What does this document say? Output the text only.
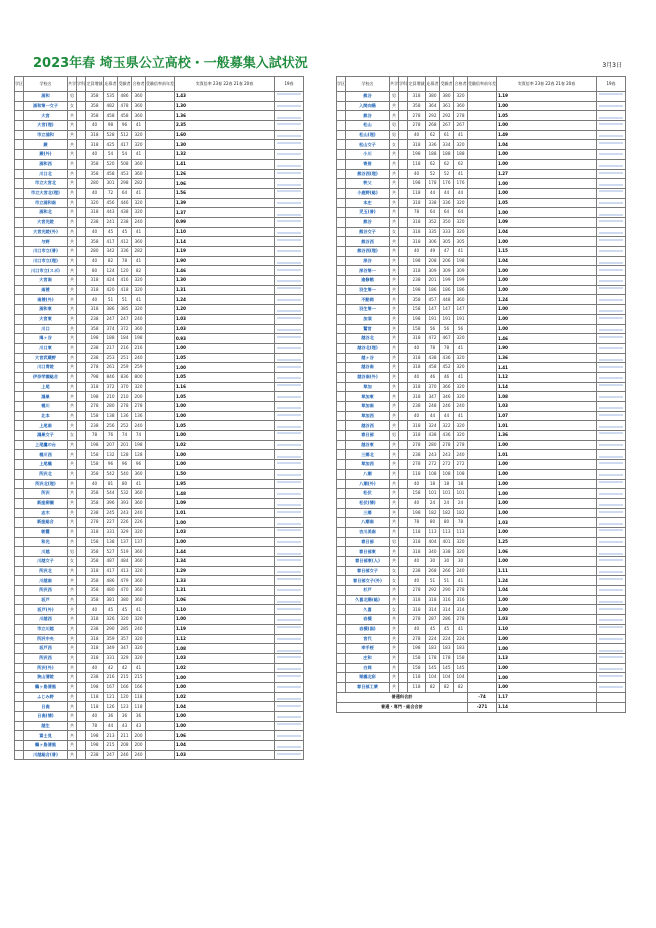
2023年春 埼玉県公立高校・一般募集入試状況	3月3日
学区	学校名	共学	学科	定員増減	応募者	受験者	合格者	受験倍率前年差	実質倍率 23春 22春 21春 20春	19春
	浦和	男		358	535	486	360		1.43	

	浦和第一女子	女		358	482	478	360		1.30	

	大宮	共		358	458	458	360		1.36	

	大宮(理)	共		40	98	96	41		2.35	

	市立浦和	共		318	528	512	320		1.60	

	蕨	共		318	425	417	320		1.30	

	蕨(外)	共		40	54	54	41		1.32	

	浦和西	共		358	520	508	360		1.41	

	川口北	共		358	458	453	360		1.26	

	市立大宮北	共		280	301	298	282		1.06	

	市立大宮北(理)	共		40	72	64	41		1.56	

	市立浦和南	共		320	456	446	320		1.39	

	浦和北	共		318	443	438	320		1.37	

	大宮光陵	共		238	241	238	240		0.99	

	大宮光陵(外)	共		40	45	45	41		1.10	

	与野	共		358	417	412	360		1.14	

	川口市立(普)	共		280	342	336	282		1.19	

	川口市立(理)	共		40	82	78	41		1.90	

	川口市立(スポ)	共		80	124	120	82		1.46	

	大宮南	共		318	424	416	320		1.30	

	南稜	共		318	420	418	320		1.31	

	南稜(外)	共		40	51	51	41		1.24	

	浦和東	共		318	386	385	320		1.20	

	大宮東	共		238	247	247	240		1.03	

	川口	共		358	374	372	360		1.03	

	鳩ヶ谷	共		198	188	184	198		0.93	

	川口東	共		238	217	216	216		1.00	

	大宮武蔵野	共		238	253	251	240		1.05	

	川口青陵	共		278	261	259	259		1.00	

	伊奈学園総合	共		798	846	836	800		1.05	

	上尾	共		318	372	370	320		1.16	

	鴻巣	共		198	210	210	200		1.05	

	桶川	共		278	280	278	278		1.00	

	北本	共		158	138	136	136		1.00	

	上尾南	共		238	256	252	240		1.05	

	鴻巣女子	女		78	76	74	74		1.00	

	上尾鷹の台	共		198	207	201	198		1.02	

	桶川西	共		158	132	128	128		1.00	

	上尾橋	共		158	96	96	96		1.00	

	所沢北	共		358	542	540	360		1.50	

	所沢北(理)	共		40	81	80	41		1.95	

	所沢	共		358	544	532	360		1.48	

	新座柳瀬	共		358	396	393	360		1.09	

	志木	共		238	245	243	240		1.01	

	新座総合	共		278	227	226	226		1.00	

	朝霞	共		318	331	329	320		1.03	

	和光	共		158	138	137	137		1.00	

	川越	男		358	527	519	360		1.44	

	川越女子	女		358	487	484	360		1.34	

	所沢北	共		318	417	413	320		1.29	

	川越南	共		358	486	479	360		1.33	

	所沢西	共		358	480	470	360		1.31	

	坂戸	共		358	381	380	360		1.06	

	坂戸(外)	共		40	45	45	41		1.10	

	川越西	共		318	326	320	320		1.00	

	市立川越	共		238	290	285	240		1.19	

	所沢中央	共		318	359	357	320		1.12	

	坂戸西	共		318	349	347	320		1.08	

	所沢西	共		318	331	329	320		1.03	

	所沢(外)	共		40	42	42	41		1.02	

	狭山清陵	共		238	216	215	215		1.00	

	鶴ヶ島清風	共		198	167	166	166		1.00	

	ふじみ野	共		118	121	120	118		1.02	

	日高	共		118	126	123	118		1.04	

	日高(情)	共		40	36	36	36		1.00	

	越生	共		78	44	43	43		1.00	

	富士見	共		198	213	211	200		1.06	

	鶴ヶ島清風	共		198	215	208	200		1.04	

	川越総合(普)	共		238	247	246	240		1.03	
学区	学校名	共学	学科	定員増減	応募者	受験者	合格者	受験倍率前年差	実質倍率 23春 22春 21春 20春	19春
	熊谷	男		318	380	380	320		1.19	

	入間向陽	共		358	364	361	360		1.00	

	熊谷	共		278	292	292	278		1.05	

	松山	男		278	268	267	267		1.00	

	松山(理)	男		40	62	61	41		1.49	

	松山女子	女		318	336	334	320		1.04	

	小川	共		198	188	188	188		1.00	

	寄居	共		118	62	62	62		1.00	

	熊谷西(理)	共		40	52	52	41		1.27	

	秩父	共		198	178	176	176		1.00	

	小鹿野(総)	共		118	44	44	44		1.00	

	本庄	共		318	338	336	320		1.05	

	児玉(普)	共		78	64	64	64		1.00	

	熊谷	共		318	352	350	320		1.09	

	熊谷女子	女		318	335	333	320		1.04	

	熊谷西	共		318	306	305	305		1.00	

	熊谷西(理)	共		40	49	47	41		1.15	

	深谷	共		198	208	206	198		1.04	

	深谷第一	共		318	309	309	309		1.00	

	進修館	共		238	201	199	199		1.00	

	羽生第一	共		198	186	186	186		1.00	

	不動岡	共		358	457	448	360		1.24	

	羽生第一	共		158	147	147	147		1.00	

	加須	共		198	191	191	191		1.00	

	鷲宮	共		158	56	56	56		1.00	

	越谷北	共		318	472	467	320		1.46	

	越谷北(理)	共		40	78	78	41		1.90	

	越ヶ谷	共		318	438	436	320		1.36	

	越谷南	共		318	458	452	320		1.41	

	越谷南(外)	共		40	46	46	41		1.12	

	草加	共		318	370	366	320		1.14	

	草加東	共		318	347	346	320		1.08	

	草加南	共		238	248	246	240		1.03	

	草加西	共		40	44	44	41		1.07	

	越谷西	共		318	324	322	320		1.01	

	春日部	男		318	438	436	320		1.36	

	越谷東	共		278	280	278	278		1.00	

	三郷北	共		238	243	243	240		1.01	

	草加西	共		278	272	272	272		1.00	

	八潮	共		118	108	108	108		1.00	

	八潮(外)	共		40	18	18	18		1.00	

	松伏	共		158	101	101	101		1.00	

	松伏(情)	共		40	24	24	24		1.00	

	三郷	共		198	182	182	182		1.00	

	八潮南	共		78	80	80	78		1.03	

	吉川美南	共		118	113	113	113		1.00	

	春日部	男		318	404	401	320		1.25	

	春日部東	共		318	340	338	320		1.06	

	春日部東(人)	共		40	30	30	30		1.00	

	春日部女子	女		238	268	266	240		1.11	

	春日部女子(外)	女		40	51	51	41		1.24	

	杉戸	共		278	292	290	278		1.04	

	久喜北陽(総)	共		318	318	316	316		1.00	

	久喜	女		318	314	314	314		1.00	

	岩槻	共		278	287	286	278		1.03	

	岩槻(国)	共		40	45	45	41		1.10	

	宮代	共		278	224	224	224		1.00	

	幸手桜	共		198	183	183	183		1.00	

	庄和	共		158	178	178	158		1.13	

	白岡	共		158	145	145	145		1.00	

	栗橋北彩	共		118	104	104	104		1.00	

	春日部工業	共		118	82	82	82		1.00	

普通科合計								-74	1.17	
普通・専門・総合合計								-271	1.14	
